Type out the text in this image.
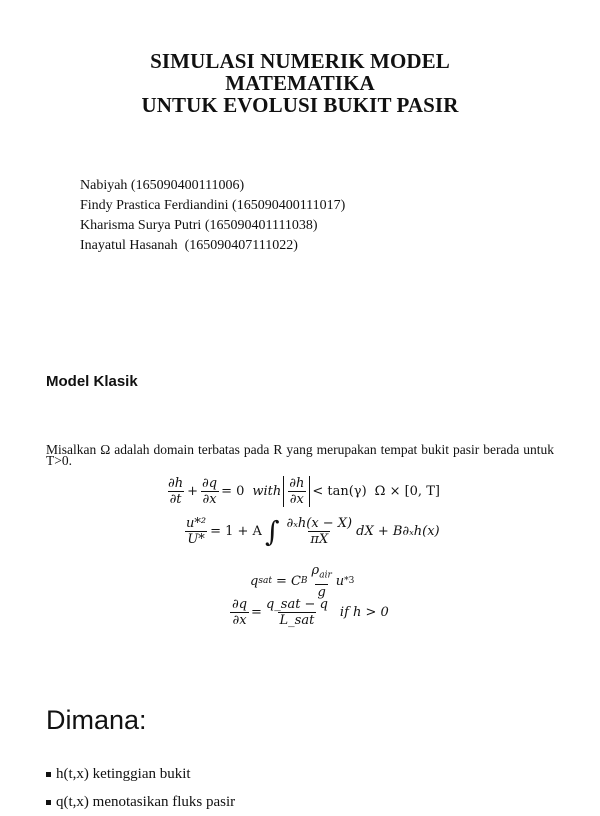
SIMULASI NUMERIK MODEL
MATEMATIKA
UNTUK EVOLUSI BUKIT PASIR
Nabiyah (165090400111006)
Findy Prastica Ferdiandini (165090400111017)
Kharisma Surya Putri (165090401111038)
Inayatul Hasanah  (165090407111022)
Model Klasik
Misalkan Ω adalah domain terbatas pada R yang merupakan tempat bukit pasir berada untuk T>0.
$\frac{\partial h}{\partial t} + \frac{\partial q}{\partial x} = 0$ with $\frac{\partial h}{\partial x} < \tan(\gamma) \Omega \times [0$, T]
$\frac{\text{u*²}}{U*} = 1 + A$ ∫ $\frac{\text{∂ₓh(x − X)}}{\pi X}$ dX + B∂ₓh(x)
q sat = C B $\frac{\rho_{air}}{g}$ u * 3
$\frac{\partial q}{\partial x} = \frac{\text{q\_sat − q}}{\text{L\_sat}}$ if h > 0
Dimana:
h(t,x) ketinggian bukit
q(t,x) menotasikan fluks pasir
